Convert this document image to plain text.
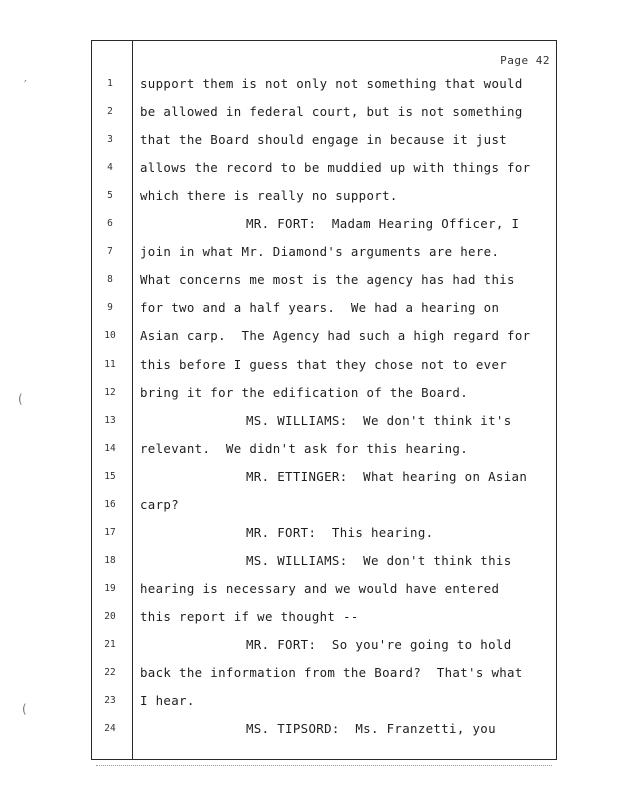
Page 42
1	support them is not only not something that would
2	be allowed in federal court, but is not something
3	that the Board should engage in because it just
4	allows the record to be muddied up with things for
5	which there is really no support.
6	MR. FORT:  Madam Hearing Officer, I
7	join in what Mr. Diamond's arguments are here.
8	What concerns me most is the agency has had this
9	for two and a half years.  We had a hearing on
10	Asian carp.  The Agency had such a high regard for
11	this before I guess that they chose not to ever
12	bring it for the edification of the Board.
13	MS. WILLIAMS:  We don't think it's
14	relevant.  We didn't ask for this hearing.
15	MR. ETTINGER:  What hearing on Asian
16	carp?
17	MR. FORT:  This hearing.
18	MS. WILLIAMS:  We don't think this
19	hearing is necessary and we would have entered
20	this report if we thought --
21	MR. FORT:  So you're going to hold
22	back the information from the Board?  That's what
23	I hear.
24	MS. TIPSORD:  Ms. Franzetti, you
′
(
(
